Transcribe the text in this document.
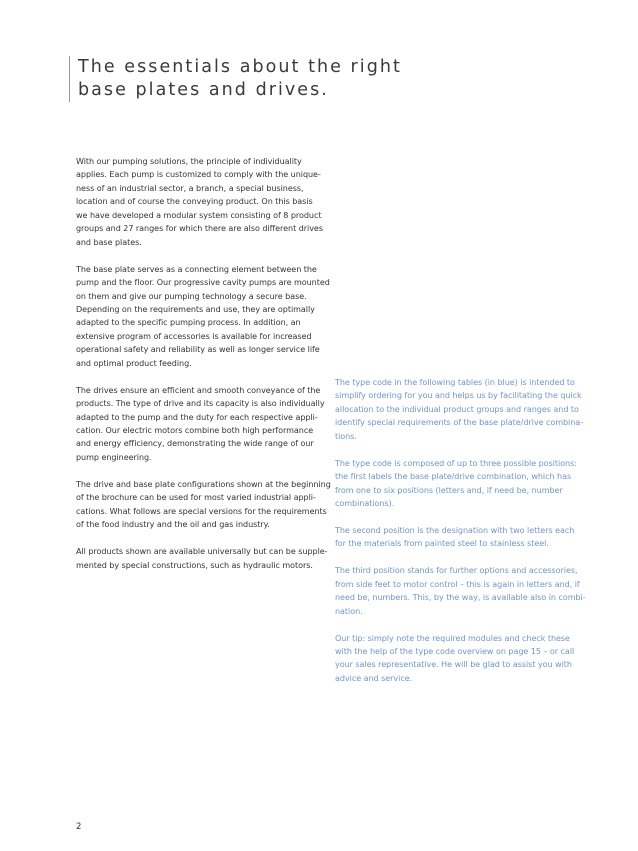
The essentials about the right
base plates and drives.
With our pumping solutions, the principle of individuality
applies. Each pump is customized to comply with the unique-
ness of an industrial sector, a branch, a special business,
location and of course the conveying product. On this basis
we have developed a modular system consisting of 8 product
groups and 27 ranges for which there are also different drives
and base plates.
The base plate serves as a connecting element between the
pump and the floor. Our progressive cavity pumps are mounted
on them and give our pumping technology a secure base.
Depending on the requirements and use, they are optimally
adapted to the specific pumping process. In addition, an
extensive program of accessories is available for increased
operational safety and reliability as well as longer service life
and optimal product feeding.
The drives ensure an efficient and smooth conveyance of the
products. The type of drive and its capacity is also individually
adapted to the pump and the duty for each respective appli-
cation. Our electric motors combine both high performance
and energy efficiency, demonstrating the wide range of our
pump engineering.
The drive and base plate configurations shown at the beginning
of the brochure can be used for most varied industrial appli-
cations. What follows are special versions for the requirements
of the food industry and the oil and gas industry.
All products shown are available universally but can be supple-
mented by special constructions, such as hydraulic motors.
The type code in the following tables (in blue) is intended to
simplify ordering for you and helps us by facilitating the quick
allocation to the individual product groups and ranges and to
identify special requirements of the base plate/drive combina-
tions.
The type code is composed of up to three possible positions:
the first labels the base plate/drive combination, which has
from one to six positions (letters and, if need be, number
combinations).
The second position is the designation with two letters each
for the materials from painted steel to stainless steel.
The third position stands for further options and accessories,
from side feet to motor control – this is again in letters and, if
need be, numbers. This, by the way, is available also in combi-
nation.
Our tip: simply note the required modules and check these
with the help of the type code overview on page 15 – or call
your sales representative. He will be glad to assist you with
advice and service.
2
